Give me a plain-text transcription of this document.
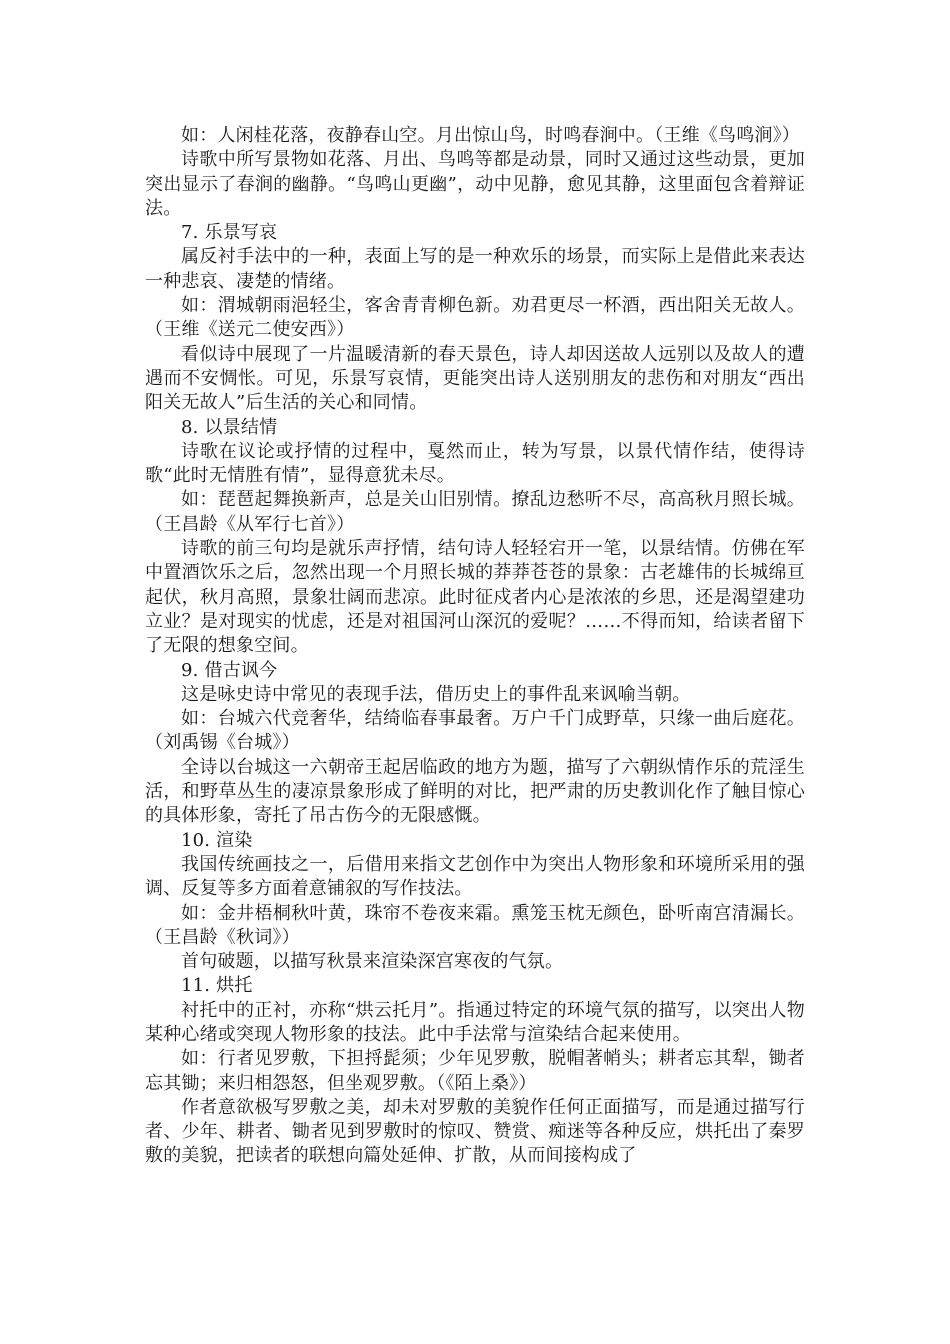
如：人闲桂花落，夜静春山空。月出惊山鸟，时鸣春涧中。（王维《鸟鸣涧》）

诗歌中所写景物如花落、月出、鸟鸣等都是动景，同时又通过这些动景，更加突出显示了春涧的幽静。“鸟鸣山更幽”，动中见静，愈见其静，这里面包含着辩证法。

7. 乐景写哀

属反衬手法中的一种，表面上写的是一种欢乐的场景，而实际上是借此来表达一种悲哀、凄楚的情绪。

如：渭城朝雨浥轻尘，客舍青青柳色新。劝君更尽一杯酒，西出阳关无故人。（王维《送元二使安西》）

看似诗中展现了一片温暖清新的春天景色，诗人却因送故人远别以及故人的遭遇而不安惆怅。可见，乐景写哀情，更能突出诗人送别朋友的悲伤和对朋友“西出阳关无故人”后生活的关心和同情。

8. 以景结情

诗歌在议论或抒情的过程中，戛然而止，转为写景，以景代情作结，使得诗歌“此时无情胜有情”，显得意犹未尽。

如：琵琶起舞换新声，总是关山旧别情。撩乱边愁听不尽，高高秋月照长城。（王昌龄《从军行七首》）

诗歌的前三句均是就乐声抒情，结句诗人轻轻宕开一笔，以景结情。仿佛在军中置酒饮乐之后，忽然出现一个月照长城的莽莽苍苍的景象：古老雄伟的长城绵亘起伏，秋月高照，景象壮阔而悲凉。此时征戍者内心是浓浓的乡思，还是渴望建功立业？是对现实的忧虑，还是对祖国河山深沉的爱呢？……不得而知，给读者留下了无限的想象空间。

9. 借古讽今

这是咏史诗中常见的表现手法，借历史上的事件乱来讽喻当朝。

如：台城六代竞奢华，结绮临春事最奢。万户千门成野草，只缘一曲后庭花。（刘禹锡《台城》）

全诗以台城这一六朝帝王起居临政的地方为题，描写了六朝纵情作乐的荒淫生活，和野草丛生的凄凉景象形成了鲜明的对比，把严肃的历史教训化作了触目惊心的具体形象，寄托了吊古伤今的无限感慨。

10. 渲染

我国传统画技之一，后借用来指文艺创作中为突出人物形象和环境所采用的强调、反复等多方面着意铺叙的写作技法。

如：金井梧桐秋叶黄，珠帘不卷夜来霜。熏笼玉枕无颜色，卧听南宫清漏长。（王昌龄《秋词》）

首句破题，以描写秋景来渲染深宫寒夜的气氛。

11. 烘托

衬托中的正衬，亦称“烘云托月”。指通过特定的环境气氛的描写，以突出人物某种心绪或突现人物形象的技法。此中手法常与渲染结合起来使用。

如：行者见罗敷，下担捋髭须；少年见罗敷，脱帽著帩头；耕者忘其犁，锄者忘其锄；来归相怨怒，但坐观罗敷。（《陌上桑》）

作者意欲极写罗敷之美，却未对罗敷的美貌作任何正面描写，而是通过描写行者、少年、耕者、锄者见到罗敷时的惊叹、赞赏、痴迷等各种反应，烘托出了秦罗敷的美貌，把读者的联想向篇处延伸、扩散，从而间接构成了
